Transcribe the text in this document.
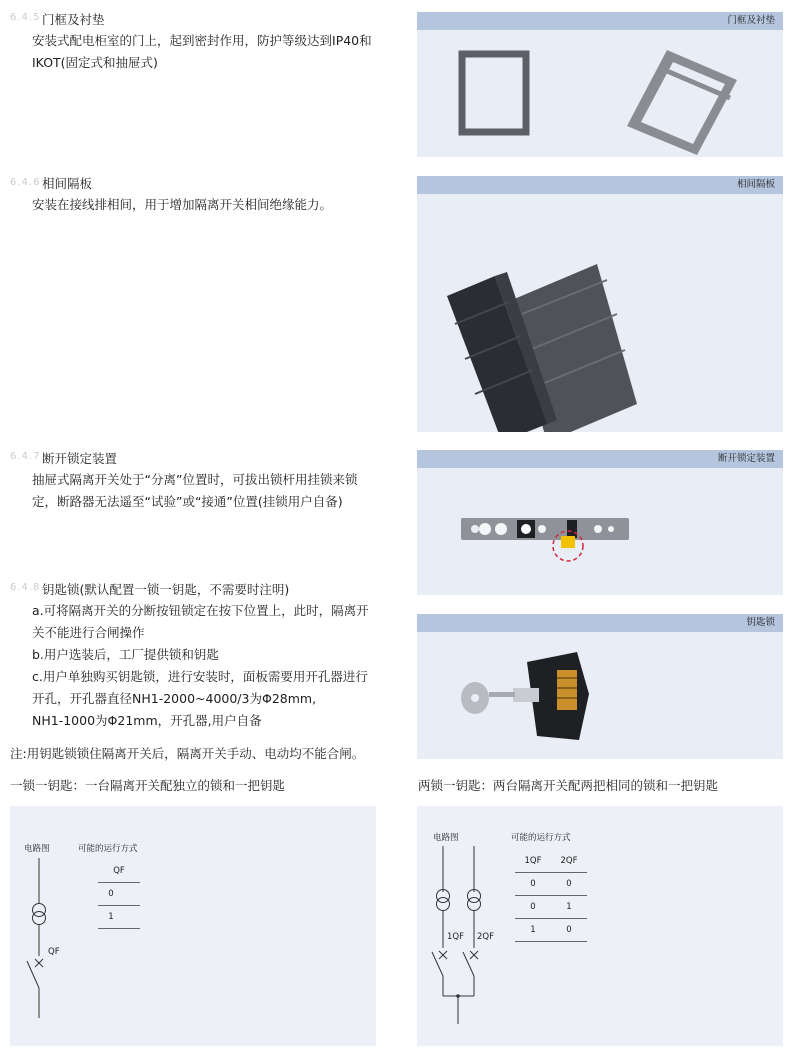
6.4.5 门框及衬垫
安装式配电柜室的门上，起到密封作用，防护等级达到IP40和
IKOT(固定式和抽屉式)
6.4.6 相间隔板
安装在接线排相间，用于增加隔离开关相间绝缘能力。
6.4.7 断开锁定装置
抽屉式隔离开关处于“分离”位置时，可拔出锁杆用挂锁来锁
定，断路器无法遥至“试验”或“接通”位置(挂锁用户自备)
6.4.8 钥匙锁(默认配置一锁一钥匙，不需要时注明)
a.可将隔离开关的分断按钮锁定在按下位置上，此时，隔离开
关不能进行合闸操作
b.用户选装后，工厂提供锁和钥匙
c.用户单独购买钥匙锁，进行安装时，面板需要用开孔器进行
开孔，开孔器直径NH1-2000~4000/3为Φ28mm,
NH1-1000为Φ21mm，开孔器,用户自备
注:用钥匙锁锁住隔离开关后，隔离开关手动、电动均不能合闸。
一锁一钥匙：一台隔离开关配独立的锁和一把钥匙	两锁一钥匙：两台隔离开关配两把相同的锁和一把钥匙
门框及衬垫
相间隔板
断开锁定装置
钥匙锁
电路图	可能的运行方式
QF
QF
0
1
电路图	可能的运行方式
1QF 2QF
1QF	2QF
0	0
0	1
1	0
